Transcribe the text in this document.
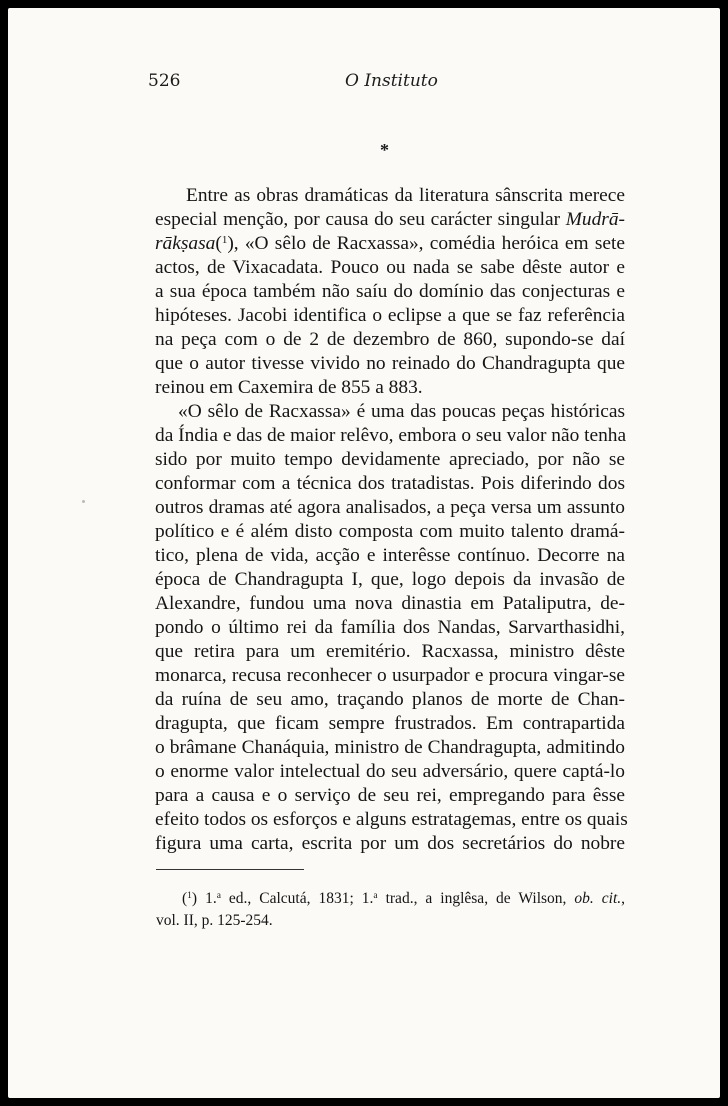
526	O Instituto
*
Entre as obras dramáticas da literatura sânscrita merece
especial menção, por causa do seu carácter singular Mudrā-
rākṣasa($^1$), «O sêlo de Racxassa», comédia heróica em sete
actos, de Vixacadata. Pouco ou nada se sabe dêste autor e
a sua época também não saíu do domínio das conjecturas e
hipóteses. Jacobi identifica o eclipse a que se faz referência
na peça com o de 2 de dezembro de 860, supondo-se daí
que o autor tivesse vivido no reinado do Chandragupta que
reinou em Caxemira de 855 a 883.
«O sêlo de Racxassa» é uma das poucas peças históricas
da Índia e das de maior relêvo, embora o seu valor não tenha
sido por muito tempo devidamente apreciado, por não se
conformar com a técnica dos tratadistas. Pois diferindo dos
outros dramas até agora analisados, a peça versa um assunto
político e é além disto composta com muito talento dramá-
tico, plena de vida, acção e interêsse contínuo. Decorre na
época de Chandragupta I, que, logo depois da invasão de
Alexandre, fundou uma nova dinastia em Pataliputra, de-
pondo o último rei da família dos Nandas, Sarvarthasidhi,
que retira para um eremitério. Racxassa, ministro dêste
monarca, recusa reconhecer o usurpador e procura vingar-se
da ruína de seu amo, traçando planos de morte de Chan-
dragupta, que ficam sempre frustrados. Em contrapartida
o brâmane Chanáquia, ministro de Chandragupta, admitindo
o enorme valor intelectual do seu adversário, quere captá-lo
para a causa e o serviço de seu rei, empregando para êsse
efeito todos os esforços e alguns estratagemas, entre os quais
figura uma carta, escrita por um dos secretários do nobre
($^1$) 1.$^a$ ed., Calcutá, 1831; 1.$^a$ trad., a inglêsa, de Wilson, ob. cit.,
vol. II, p. 125-254.
